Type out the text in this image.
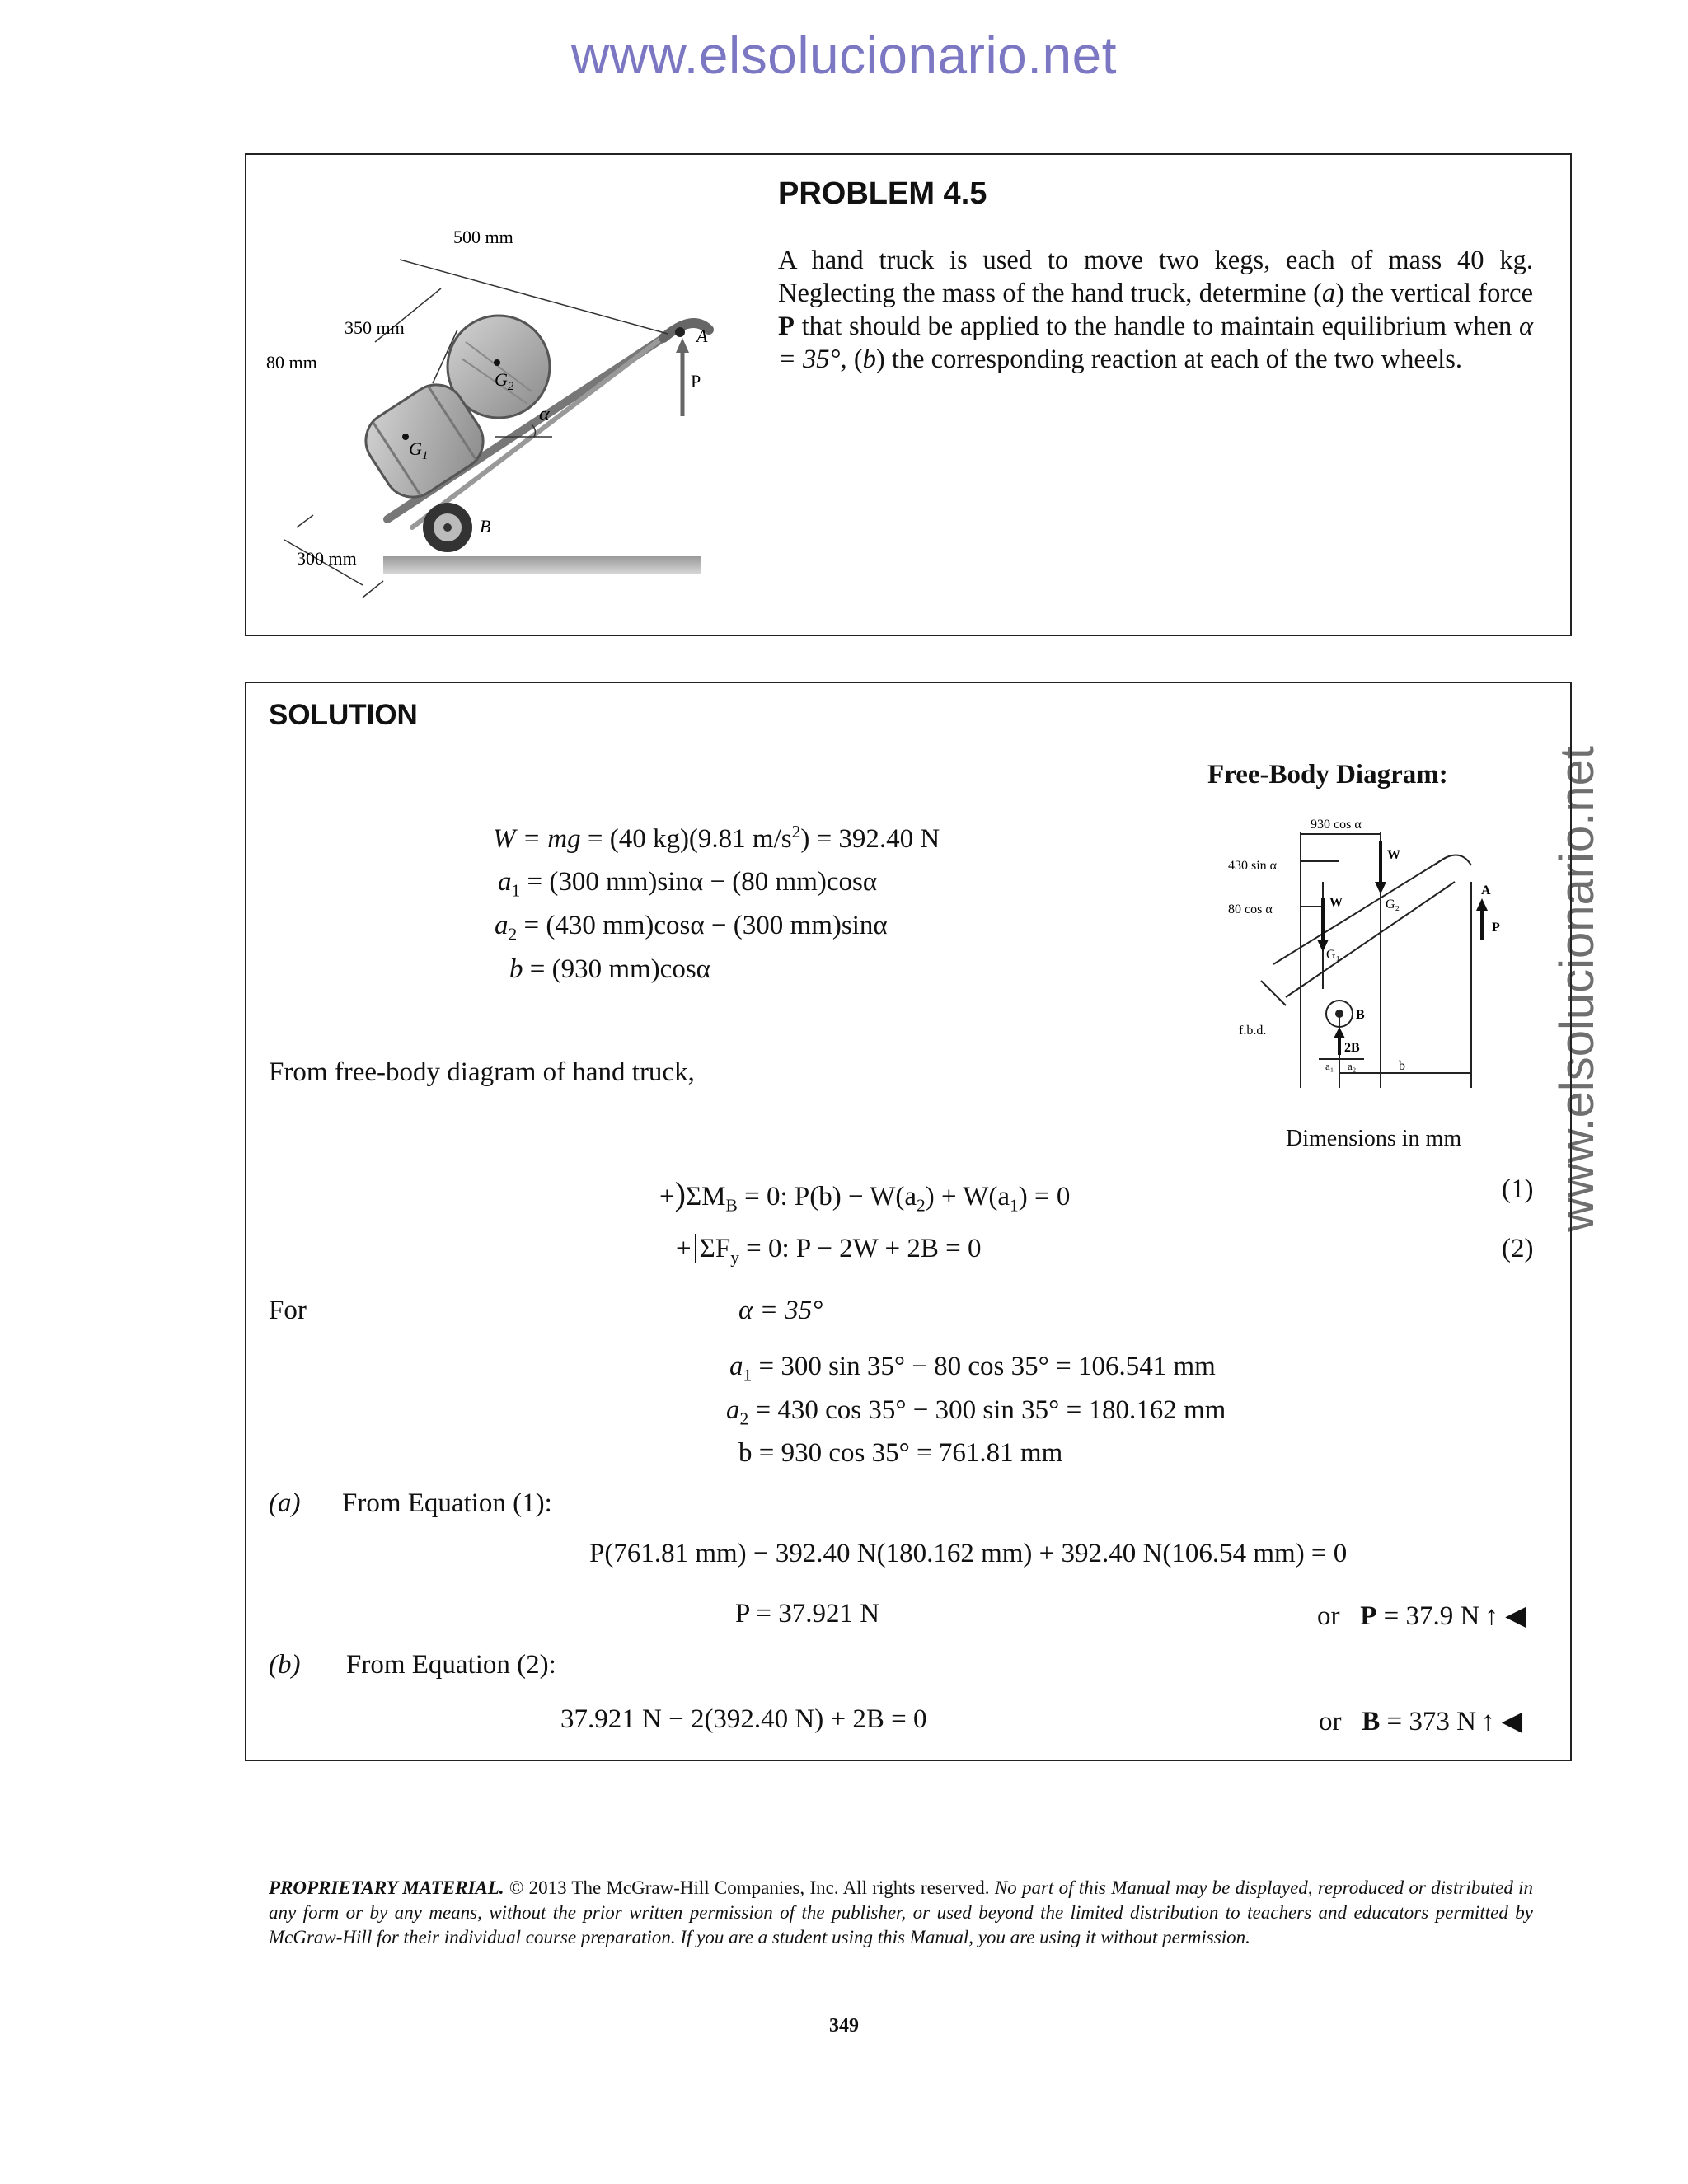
www.elsolucionario.net
www.elsolucionario.net
500 mm
350 mm
80 mm
300 mm
A
P
B
α
$G_2$
$G_1$
PROBLEM 4.5
A hand truck is used to move two kegs, each of mass 40 kg. Neglecting the mass of the hand truck, determine (a) the vertical force P that should be applied to the handle to maintain equilibrium when α = 35°, (b) the corresponding reaction at each of the two wheels.
SOLUTION
Free-Body Diagram:
930 cos α
430 sin α
80 cos α
W
W
G₁
G₂
A
P
B
2B
f.b.d.
a₁ a₂	b
Dimensions in mm
W = mg = (40 kg)(9.81 $m/s^2) = 392.40$ N
$a_1 = (300$ mm)sinα − (80 mm)cosα
$a_2 = (430$ mm)cosα − (300 mm)sinα
b = (930 mm)cosα
From free-body diagram of hand truck,
$+)\Sigma M_B = 0$: $P(b) - W(a_2) + W(a_1) = 0$	(1)
+ $\Sigma F_y = 0$: P − 2W + 2B = 0	(2)
For	α = 35°
$a_1 = 300$ sin 35° − 80 cos 35° = 106.541 mm
$a_2 = 430$ cos 35° − 300 sin 35° = 180.162 mm
b = 930 cos 35° = 761.81 mm
(a) From Equation (1):
P(761.81 mm) − 392.40 N(180.162 mm) + 392.40 N(106.54 mm) = 0
P = 37.921 N	or P = 37.9 N ↑ ◀
(b) From Equation (2):
37.921 N − 2(392.40 N) + 2B = 0	or B = 373 N ↑ ◀
PROPRIETARY MATERIAL. © 2013 The McGraw-Hill Companies, Inc. All rights reserved. No part of this Manual may be displayed, reproduced or distributed in any form or by any means, without the prior written permission of the publisher, or used beyond the limited distribution to teachers and educators permitted by McGraw-Hill for their individual course preparation. If you are a student using this Manual, you are using it without permission.
349
